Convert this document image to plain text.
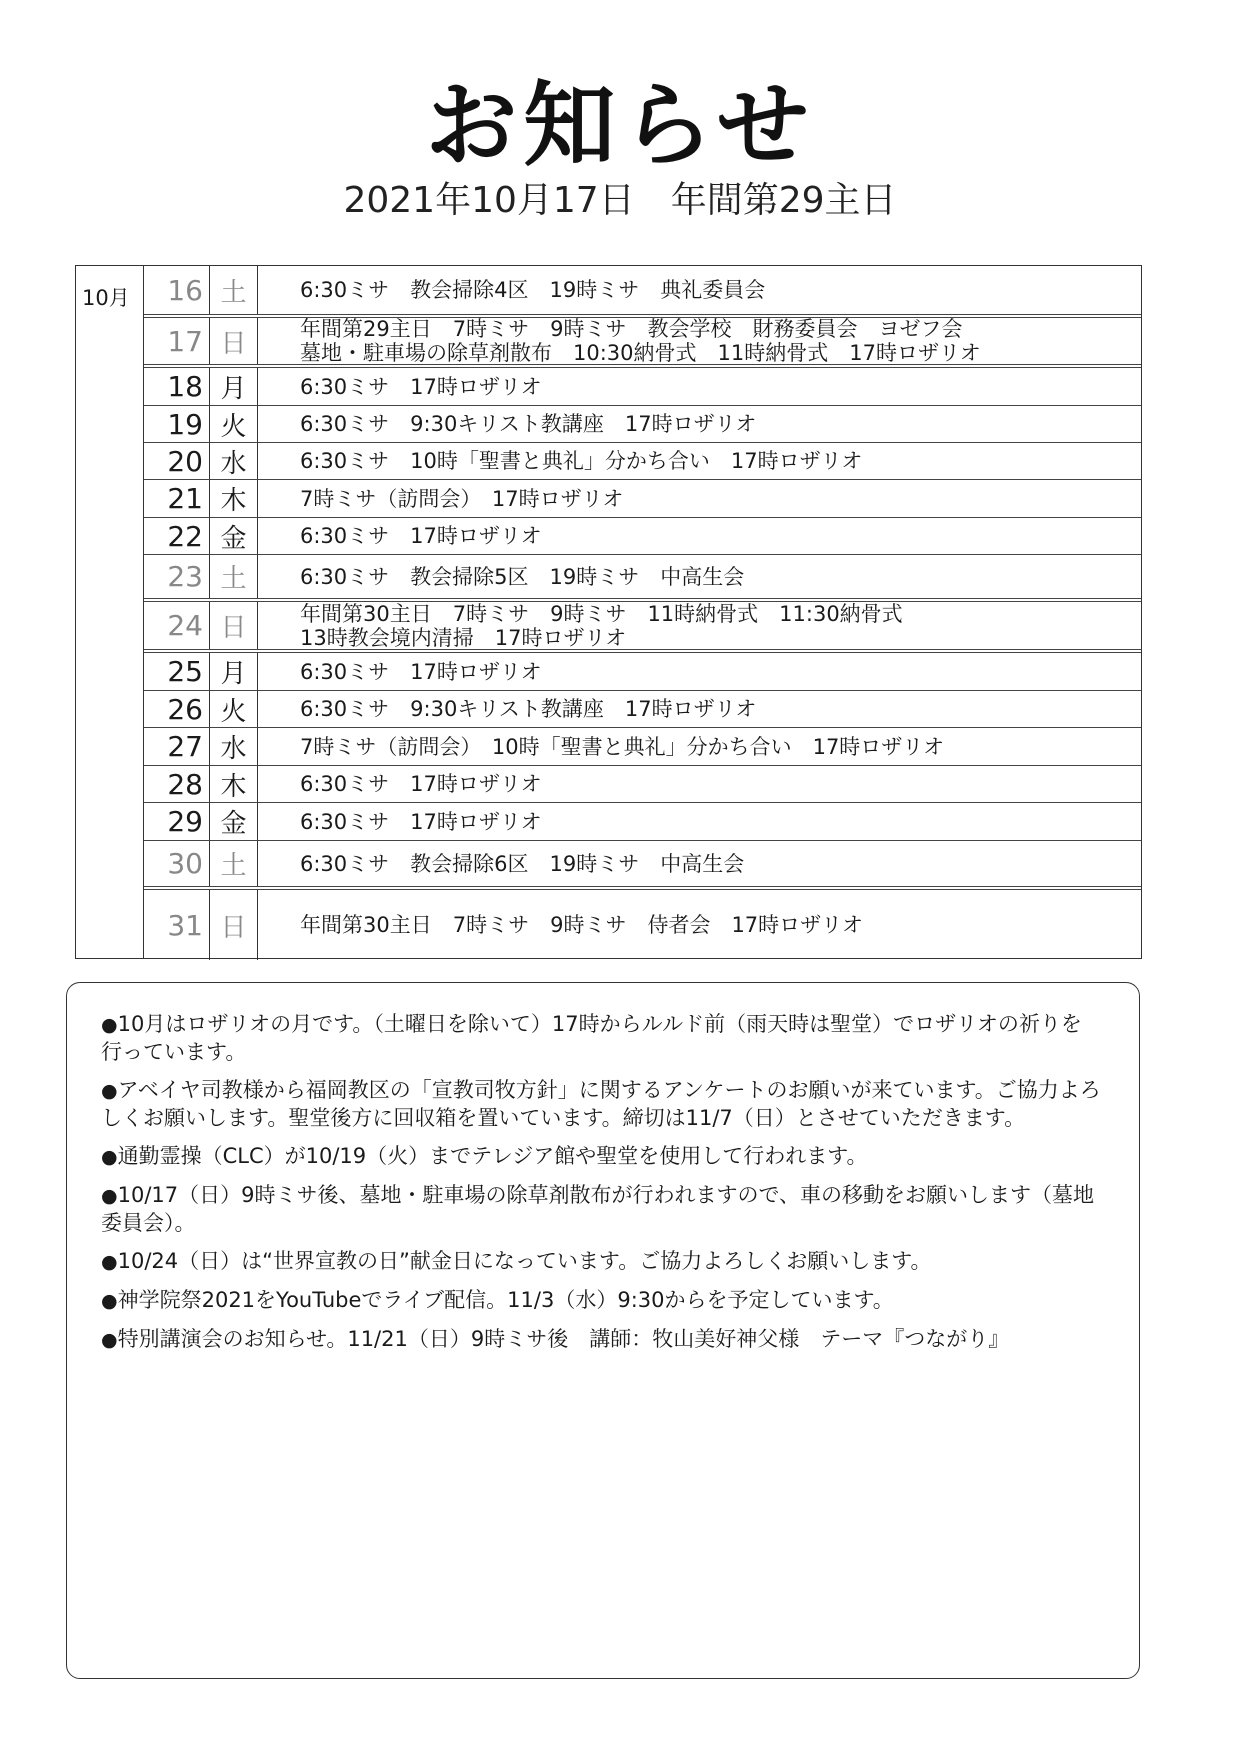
お知らせ
2021年10月17日　年間第29主日
10月	16 土	6:30ミサ　教会掃除4区　19時ミサ　典礼委員会
17 日	年間第29主日　7時ミサ　9時ミサ　教会学校　財務委員会　ヨゼフ会
墓地・駐車場の除草剤散布　10:30納骨式　11時納骨式　17時ロザリオ
18 月	6:30ミサ　17時ロザリオ
19 火	6:30ミサ　9:30キリスト教講座　17時ロザリオ
20 水	6:30ミサ　10時「聖書と典礼」分かち合い　17時ロザリオ
21 木	7時ミサ（訪問会）　17時ロザリオ
22 金	6:30ミサ　17時ロザリオ
23 土	6:30ミサ　教会掃除5区　19時ミサ　中高生会
24 日	年間第30主日　7時ミサ　9時ミサ　11時納骨式　11:30納骨式
13時教会境内清掃　17時ロザリオ
25 月	6:30ミサ　17時ロザリオ
26 火	6:30ミサ　9:30キリスト教講座　17時ロザリオ
27 水	7時ミサ（訪問会）　10時「聖書と典礼」分かち合い　17時ロザリオ
28 木	6:30ミサ　17時ロザリオ
29 金	6:30ミサ　17時ロザリオ
30 土	6:30ミサ　教会掃除6区　19時ミサ　中高生会
31 日	年間第30主日　7時ミサ　9時ミサ　侍者会　17時ロザリオ
●10月はロザリオの月です。（土曜日を除いて）17時からルルド前（雨天時は聖堂）でロザリオの祈りを行っています。
●アベイヤ司教様から福岡教区の「宣教司牧方針」に関するアンケートのお願いが来ています。ご協力よろしくお願いします。聖堂後方に回収箱を置いています。締切は11/7（日）とさせていただきます。
●通勤霊操（CLC）が10/19（火）までテレジア館や聖堂を使用して行われます。
●10/17（日）9時ミサ後、墓地・駐車場の除草剤散布が行われますので、車の移動をお願いします（墓地委員会）。
●10/24（日）は“世界宣教の日”献金日になっています。ご協力よろしくお願いします。
●神学院祭2021をYouTubeでライブ配信。11/3（水）9:30からを予定しています。
●特別講演会のお知らせ。11/21（日）9時ミサ後　講師：牧山美好神父様　テーマ『つながり』
